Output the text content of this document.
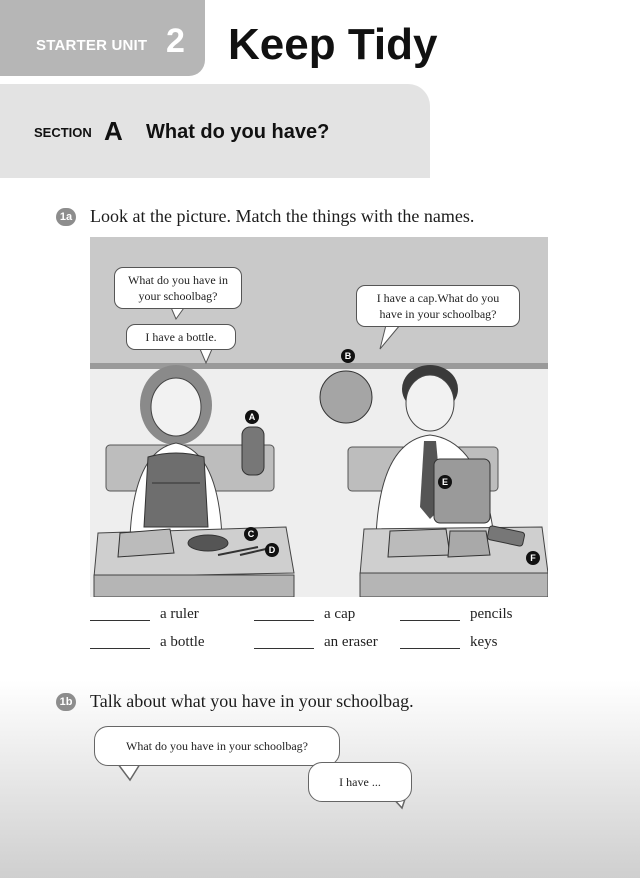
STARTER UNIT 2 Keep Tidy
SECTION A What do you have?
1a Look at the picture. Match the things with the names.
What do you have in your schoolbag?
I have a bottle.
I have a cap.What do you have in your schoolbag?
A
B
C
D
E
F
a ruler	a cap	pencils
a bottle	an eraser	keys
1b Talk about what you have in your schoolbag.
What do you have in your schoolbag?
I have ...
